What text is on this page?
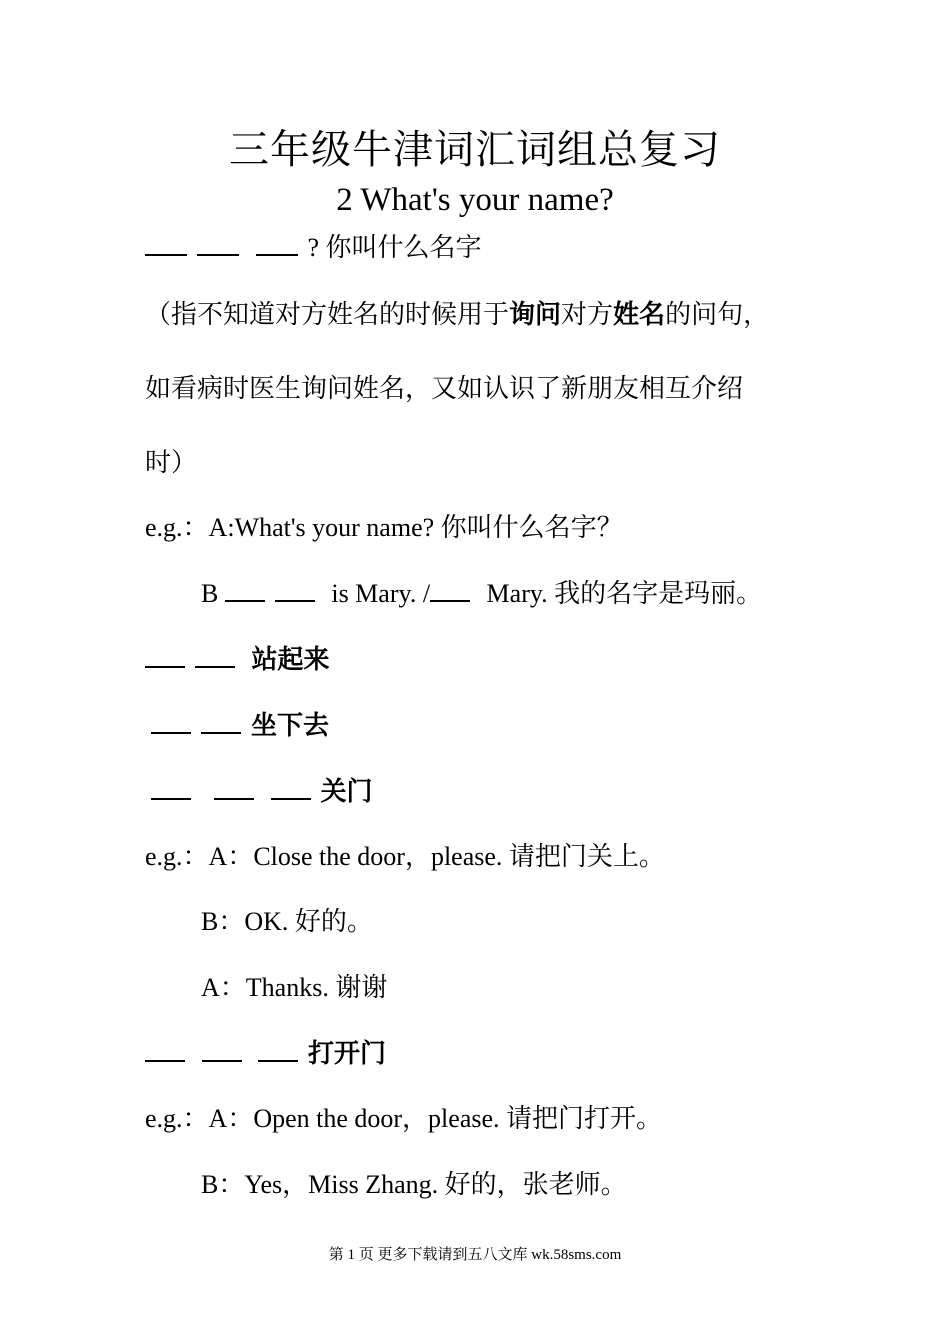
三年级牛津词汇词组总复习
2 What's your name?
? 你叫什么名字
（指不知道对方姓名的时候用于询问对方姓名的问句，
如看病时医生询问姓名，又如认识了新朋友相互介绍
时）
e.g.：A:What's your name? 你叫什么名字？
B	is Mary. / Mary. 我的名字是玛丽。
站起来
坐下去
关门
e.g.：A：Close the door，please. 请把门关上。
B：OK. 好的。
A：Thanks. 谢谢
打开门
e.g.：A：Open the door，please. 请把门打开。
B：Yes，Miss Zhang. 好的，张老师。
第 1 页 更多下载请到五八文库 wk.58sms.com
